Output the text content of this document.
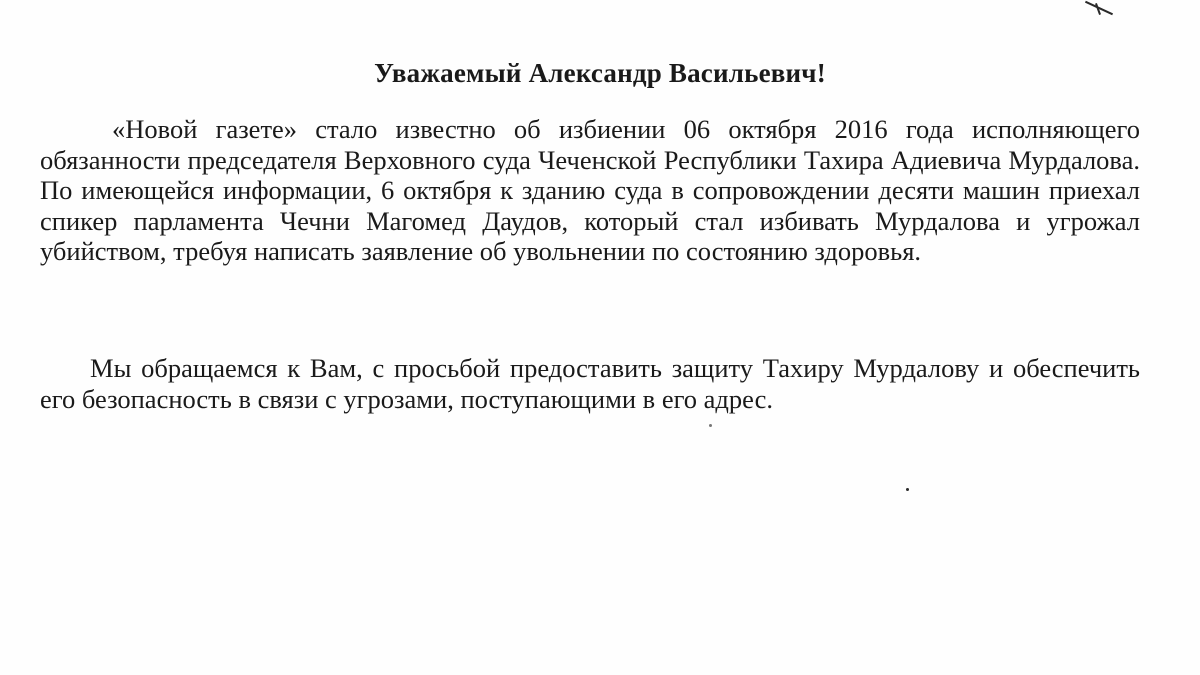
Уважаемый Александр Васильевич!

«Новой газете» стало известно об избиении 06 октября 2016 года исполняющего обязанности председателя Верховного суда Чеченской Республики Тахира Адиевича Мурдалова. По имеющейся информации, 6 октября к зданию суда в сопровождении десяти машин приехал спикер парламента Чечни Магомед Даудов, который стал избивать Мурдалова и угрожал убийством, требуя написать заявление об увольнении по состоянию здоровья.

Мы обращаемся к Вам, с просьбой предоставить защиту Тахиру Мурдалову и обеспечить его безопасность в связи с угрозами, поступающими в его адрес.
